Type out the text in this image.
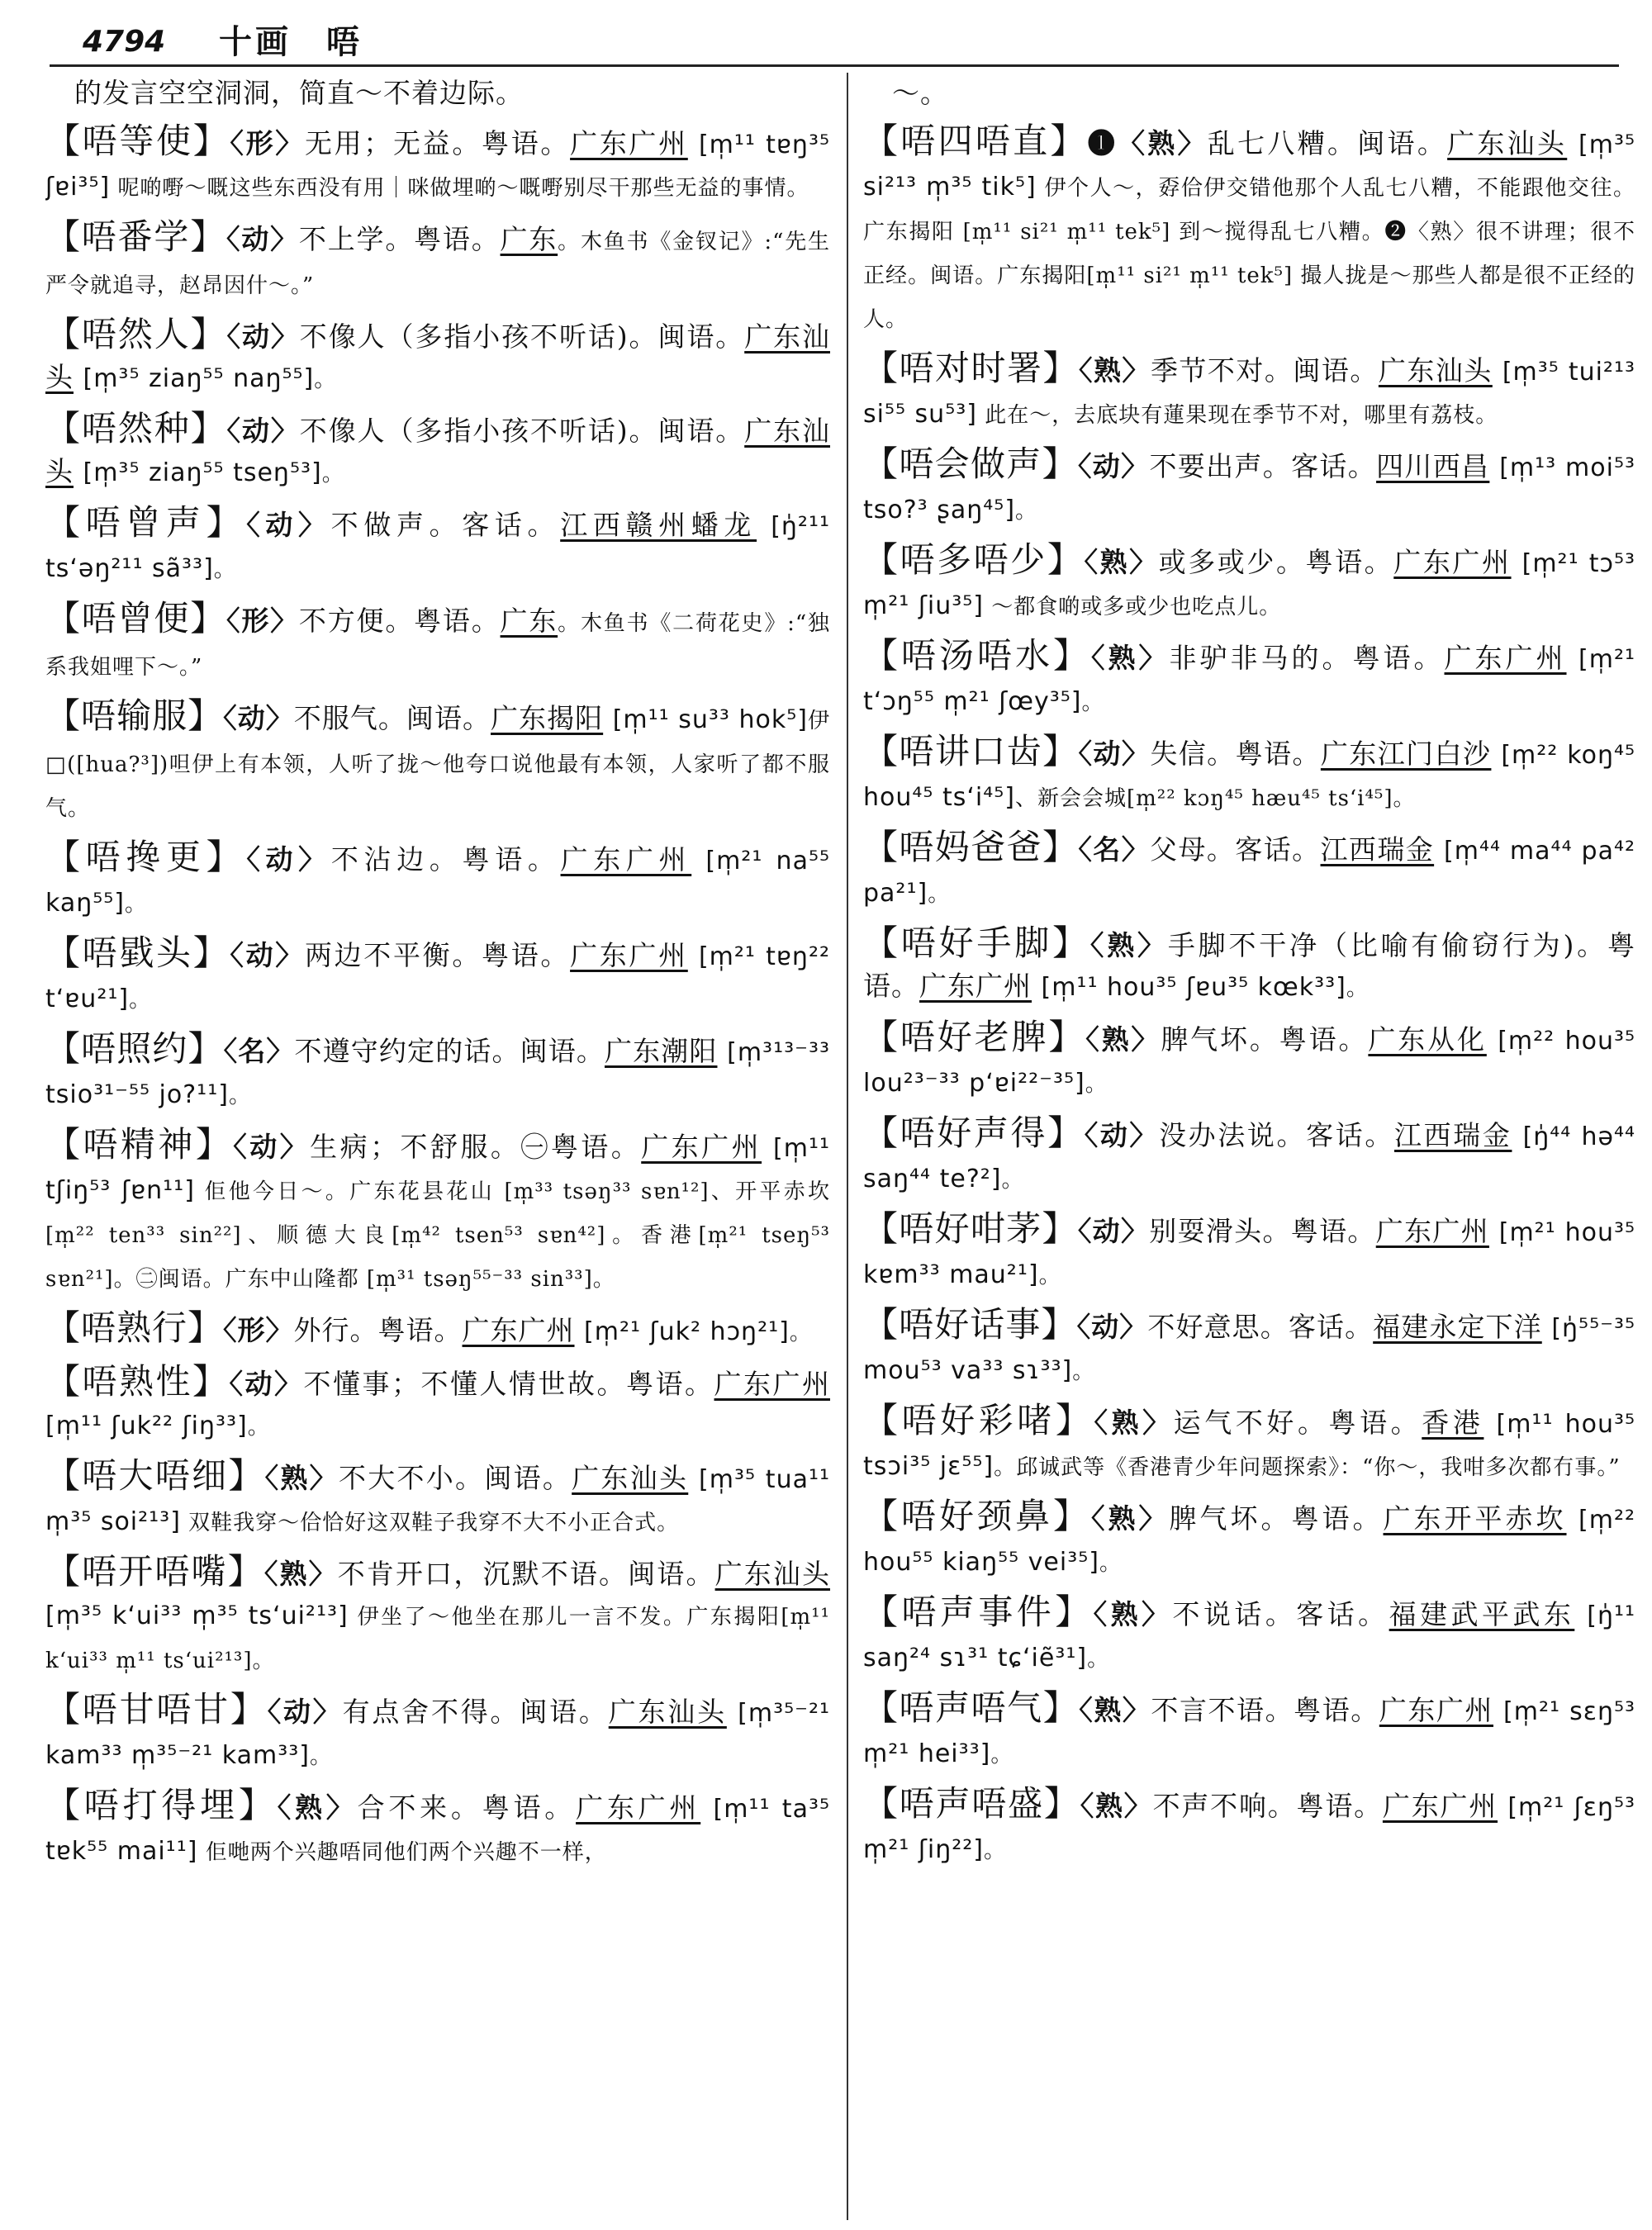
4794 十画 唔
的发言空空洞洞，简直～不着边际。
【唔等使】〈形〉无用；无益。粤语。广东广州 [m̩¹¹ tɐŋ³⁵ ʃɐi³⁵] 呢啲嘢～嘅这些东西没有用｜咪做埋啲～嘅嘢别尽干那些无益的事情。
【唔番学】〈动〉不上学。粤语。广东。木鱼书《金钗记》:“先生严令就追寻，赵昂因什～。”
【唔然人】〈动〉不像人（多指小孩不听话)。闽语。广东汕头 [m̩³⁵ ziaŋ⁵⁵ naŋ⁵⁵]。
【唔然种】〈动〉不像人（多指小孩不听话)。闽语。广东汕头 [m̩³⁵ ziaŋ⁵⁵ tseŋ⁵³]。
【唔曾声】〈动〉不做声。客话。江西赣州蟠龙 [ŋ̍²¹¹ ts‘əŋ²¹¹ sã³³]。
【唔曾便】〈形〉不方便。粤语。广东。木鱼书《二荷花史》:“独系我姐哩下～。”
【唔输服】〈动〉不服气。闽语。广东揭阳 [m̩¹¹ su³³ hok⁵]伊□([hua?³])呾伊上有本领，人听了拢～他夸口说他最有本领，人家听了都不服气。
【唔搀更】〈动〉不沾边。粤语。广东广州 [m̩²¹ na⁵⁵ kaŋ⁵⁵]。
【唔戥头】〈动〉两边不平衡。粤语。广东广州 [m̩²¹ tɐŋ²² t‘ɐu²¹]。
【唔照约】〈名〉不遵守约定的话。闽语。广东潮阳 [m̩³¹³⁻³³ tsio³¹⁻⁵⁵ jo?¹¹]。
【唔精神】〈动〉生病；不舒服。㊀粤语。广东广州 [m̩¹¹ tʃiŋ⁵³ ʃɐn¹¹] 佢他今日～。广东花县花山 [m̩³³ tsəŋ³³ sɐn¹²]、开平赤坎 [m̩²² ten³³ sin²²]、顺德大良[m̩⁴² tsen⁵³ sɐn⁴²]。香港[m̩²¹ tseŋ⁵³ sɐn²¹]。㊁闽语。广东中山隆都 [m̩³¹ tsəŋ⁵⁵⁻³³ sin³³]。
【唔熟行】〈形〉外行。粤语。广东广州 [m̩²¹ ʃuk² hɔŋ²¹]。
【唔熟性】〈动〉不懂事；不懂人情世故。粤语。广东广州 [m̩¹¹ ʃuk²² ʃiŋ³³]。
【唔大唔细】〈熟〉不大不小。闽语。广东汕头 [m̩³⁵ tua¹¹ m̩³⁵ soi²¹³] 双鞋我穿～佮恰好这双鞋子我穿不大不小正合式。
【唔开唔嘴】〈熟〉不肯开口，沉默不语。闽语。广东汕头 [m̩³⁵ k‘ui³³ m̩³⁵ ts‘ui²¹³] 伊坐了～他坐在那儿一言不发。广东揭阳[m̩¹¹ k‘ui³³ m̩¹¹ ts‘ui²¹³]。
【唔甘唔甘】〈动〉有点舍不得。闽语。广东汕头 [m̩³⁵⁻²¹ kam³³ m̩³⁵⁻²¹ kam³³]。
【唔打得埋】〈熟〉合不来。粤语。广东广州 [m̩¹¹ ta³⁵ tɐk⁵⁵ mai¹¹] 佢哋两个兴趣唔同他们两个兴趣不一样，
～。
【唔四唔直】❶〈熟〉乱七八糟。闽语。广东汕头 [m̩³⁵ si²¹³ m̩³⁵ tik⁵] 伊个人～，孬佮伊交错他那个人乱七八糟，不能跟他交往。广东揭阳 [m̩¹¹ si²¹ m̩¹¹ tek⁵] 到～搅得乱七八糟。❷〈熟〉很不讲理；很不正经。闽语。广东揭阳[m̩¹¹ si²¹ m̩¹¹ tek⁵] 撮人拢是～那些人都是很不正经的人。
【唔对时署】〈熟〉季节不对。闽语。广东汕头 [m̩³⁵ tui²¹³ si⁵⁵ su⁵³] 此在～，去底块有蓮果现在季节不对，哪里有荔枝。
【唔会做声】〈动〉不要出声。客话。四川西昌 [m̩¹³ moi⁵³ tso?³ ʂaŋ⁴⁵]。
【唔多唔少】〈熟〉或多或少。粤语。广东广州 [m̩²¹ tɔ⁵³ m̩²¹ ʃiu³⁵] ～都食啲或多或少也吃点儿。
【唔汤唔水】〈熟〉非驴非马的。粤语。广东广州 [m̩²¹ t‘ɔŋ⁵⁵ m̩²¹ ʃœy³⁵]。
【唔讲口齿】〈动〉失信。粤语。广东江门白沙 [m̩²² koŋ⁴⁵ hou⁴⁵ ts‘i⁴⁵]、新会会城[m̩²² kɔŋ⁴⁵ hæu⁴⁵ ts‘i⁴⁵]。
【唔妈爸爸】〈名〉父母。客话。江西瑞金 [m̩⁴⁴ ma⁴⁴ pa⁴² pa²¹]。
【唔好手脚】〈熟〉手脚不干净（比喻有偷窃行为)。粤语。广东广州 [m̩¹¹ hou³⁵ ʃɐu³⁵ kœk³³]。
【唔好老脾】〈熟〉脾气坏。粤语。广东从化 [m̩²² hou³⁵ lou²³⁻³³ p‘ɐi²²⁻³⁵]。
【唔好声得】〈动〉没办法说。客话。江西瑞金 [ŋ̍⁴⁴ hə⁴⁴ saŋ⁴⁴ te?²]。
【唔好咁茅】〈动〉别耍滑头。粤语。广东广州 [m̩²¹ hou³⁵ kɐm³³ mau²¹]。
【唔好话事】〈动〉不好意思。客话。福建永定下洋 [ŋ̍⁵⁵⁻³⁵ mou⁵³ va³³ sɿ³³]。
【唔好彩啫】〈熟〉运气不好。粤语。香港 [m̩¹¹ hou³⁵ tsɔi³⁵ jɛ⁵⁵]。邱诚武等《香港青少年问题探索》：“你～，我咁多次都冇事。”
【唔好颈鼻】〈熟〉脾气坏。粤语。广东开平赤坎 [m̩²² hou⁵⁵ kiaŋ⁵⁵ vei³⁵]。
【唔声事件】〈熟〉不说话。客话。福建武平武东 [ŋ̍¹¹ saŋ²⁴ sɿ³¹ tɕ‘iẽ³¹]。
【唔声唔气】〈熟〉不言不语。粤语。广东广州 [m̩²¹ sɛŋ⁵³ m̩²¹ hei³³]。
【唔声唔盛】〈熟〉不声不响。粤语。广东广州 [m̩²¹ ʃɛŋ⁵³ m̩²¹ ʃiŋ²²]。
